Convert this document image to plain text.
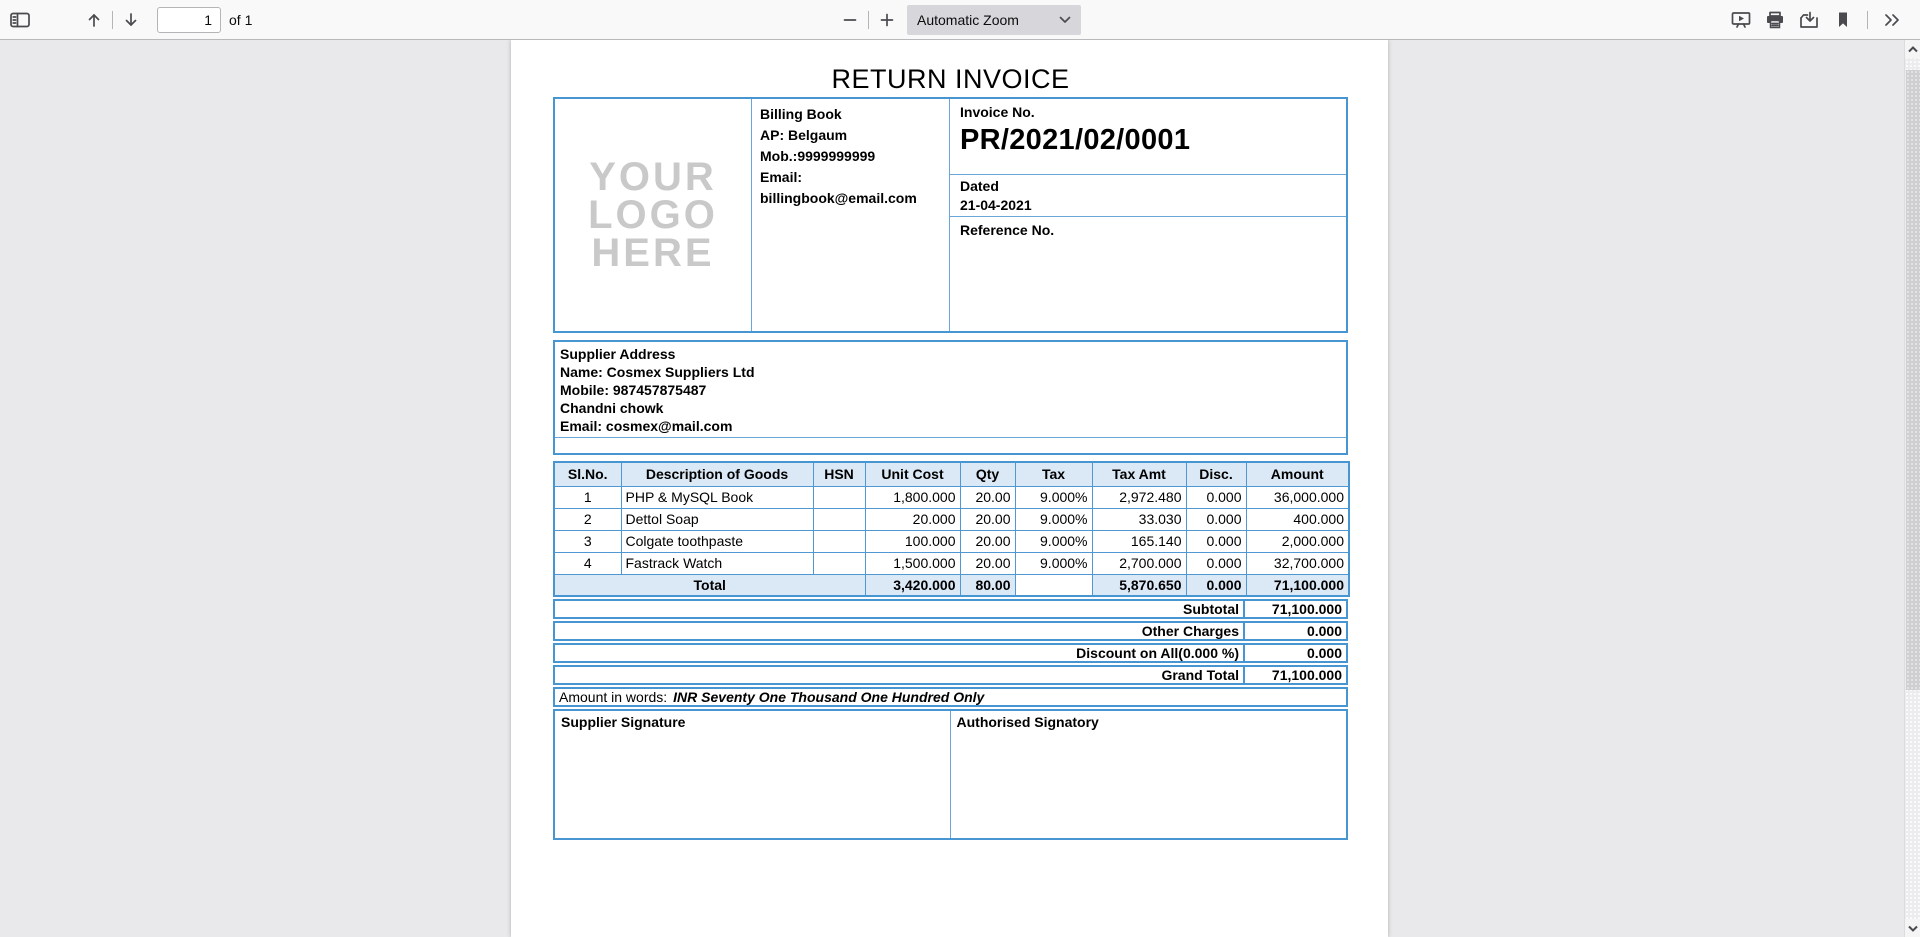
1
of 1	Automatic Zoom
RETURN INVOICE
YOUR
LOGO
HERE
Billing Book
AP: Belgaum
Mob.:9999999999
Email:
billingbook@email.com
Invoice No.
PR/2021/02/0001
Dated
21-04-2021
Reference No.
Supplier Address
Name: Cosmex Suppliers Ltd
Mobile: 987457875487
Chandni chowk
Email: cosmex@mail.com
Sl.No.	Description of Goods	HSN	Unit Cost	Qty	Tax	Tax Amt	Disc.	Amount
1	PHP & MySQL Book		1,800.000	20.00	9.000%	2,972.480	0.000	36,000.000
2	Dettol Soap		20.000	20.00	9.000%	33.030	0.000	400.000
3	Colgate toothpaste		100.000	20.00	9.000%	165.140	0.000	2,000.000
4	Fastrack Watch		1,500.000	20.00	9.000%	2,700.000	0.000	32,700.000
Total			3,420.000	80.00		5,870.650	0.000	71,100.000
Subtotal	71,100.000
Other Charges	0.000
Discount on All(0.000 %)	0.000
Grand Total	71,100.000
Amount in words: INR Seventy One Thousand One Hundred Only
Supplier Signature	Authorised Signatory
